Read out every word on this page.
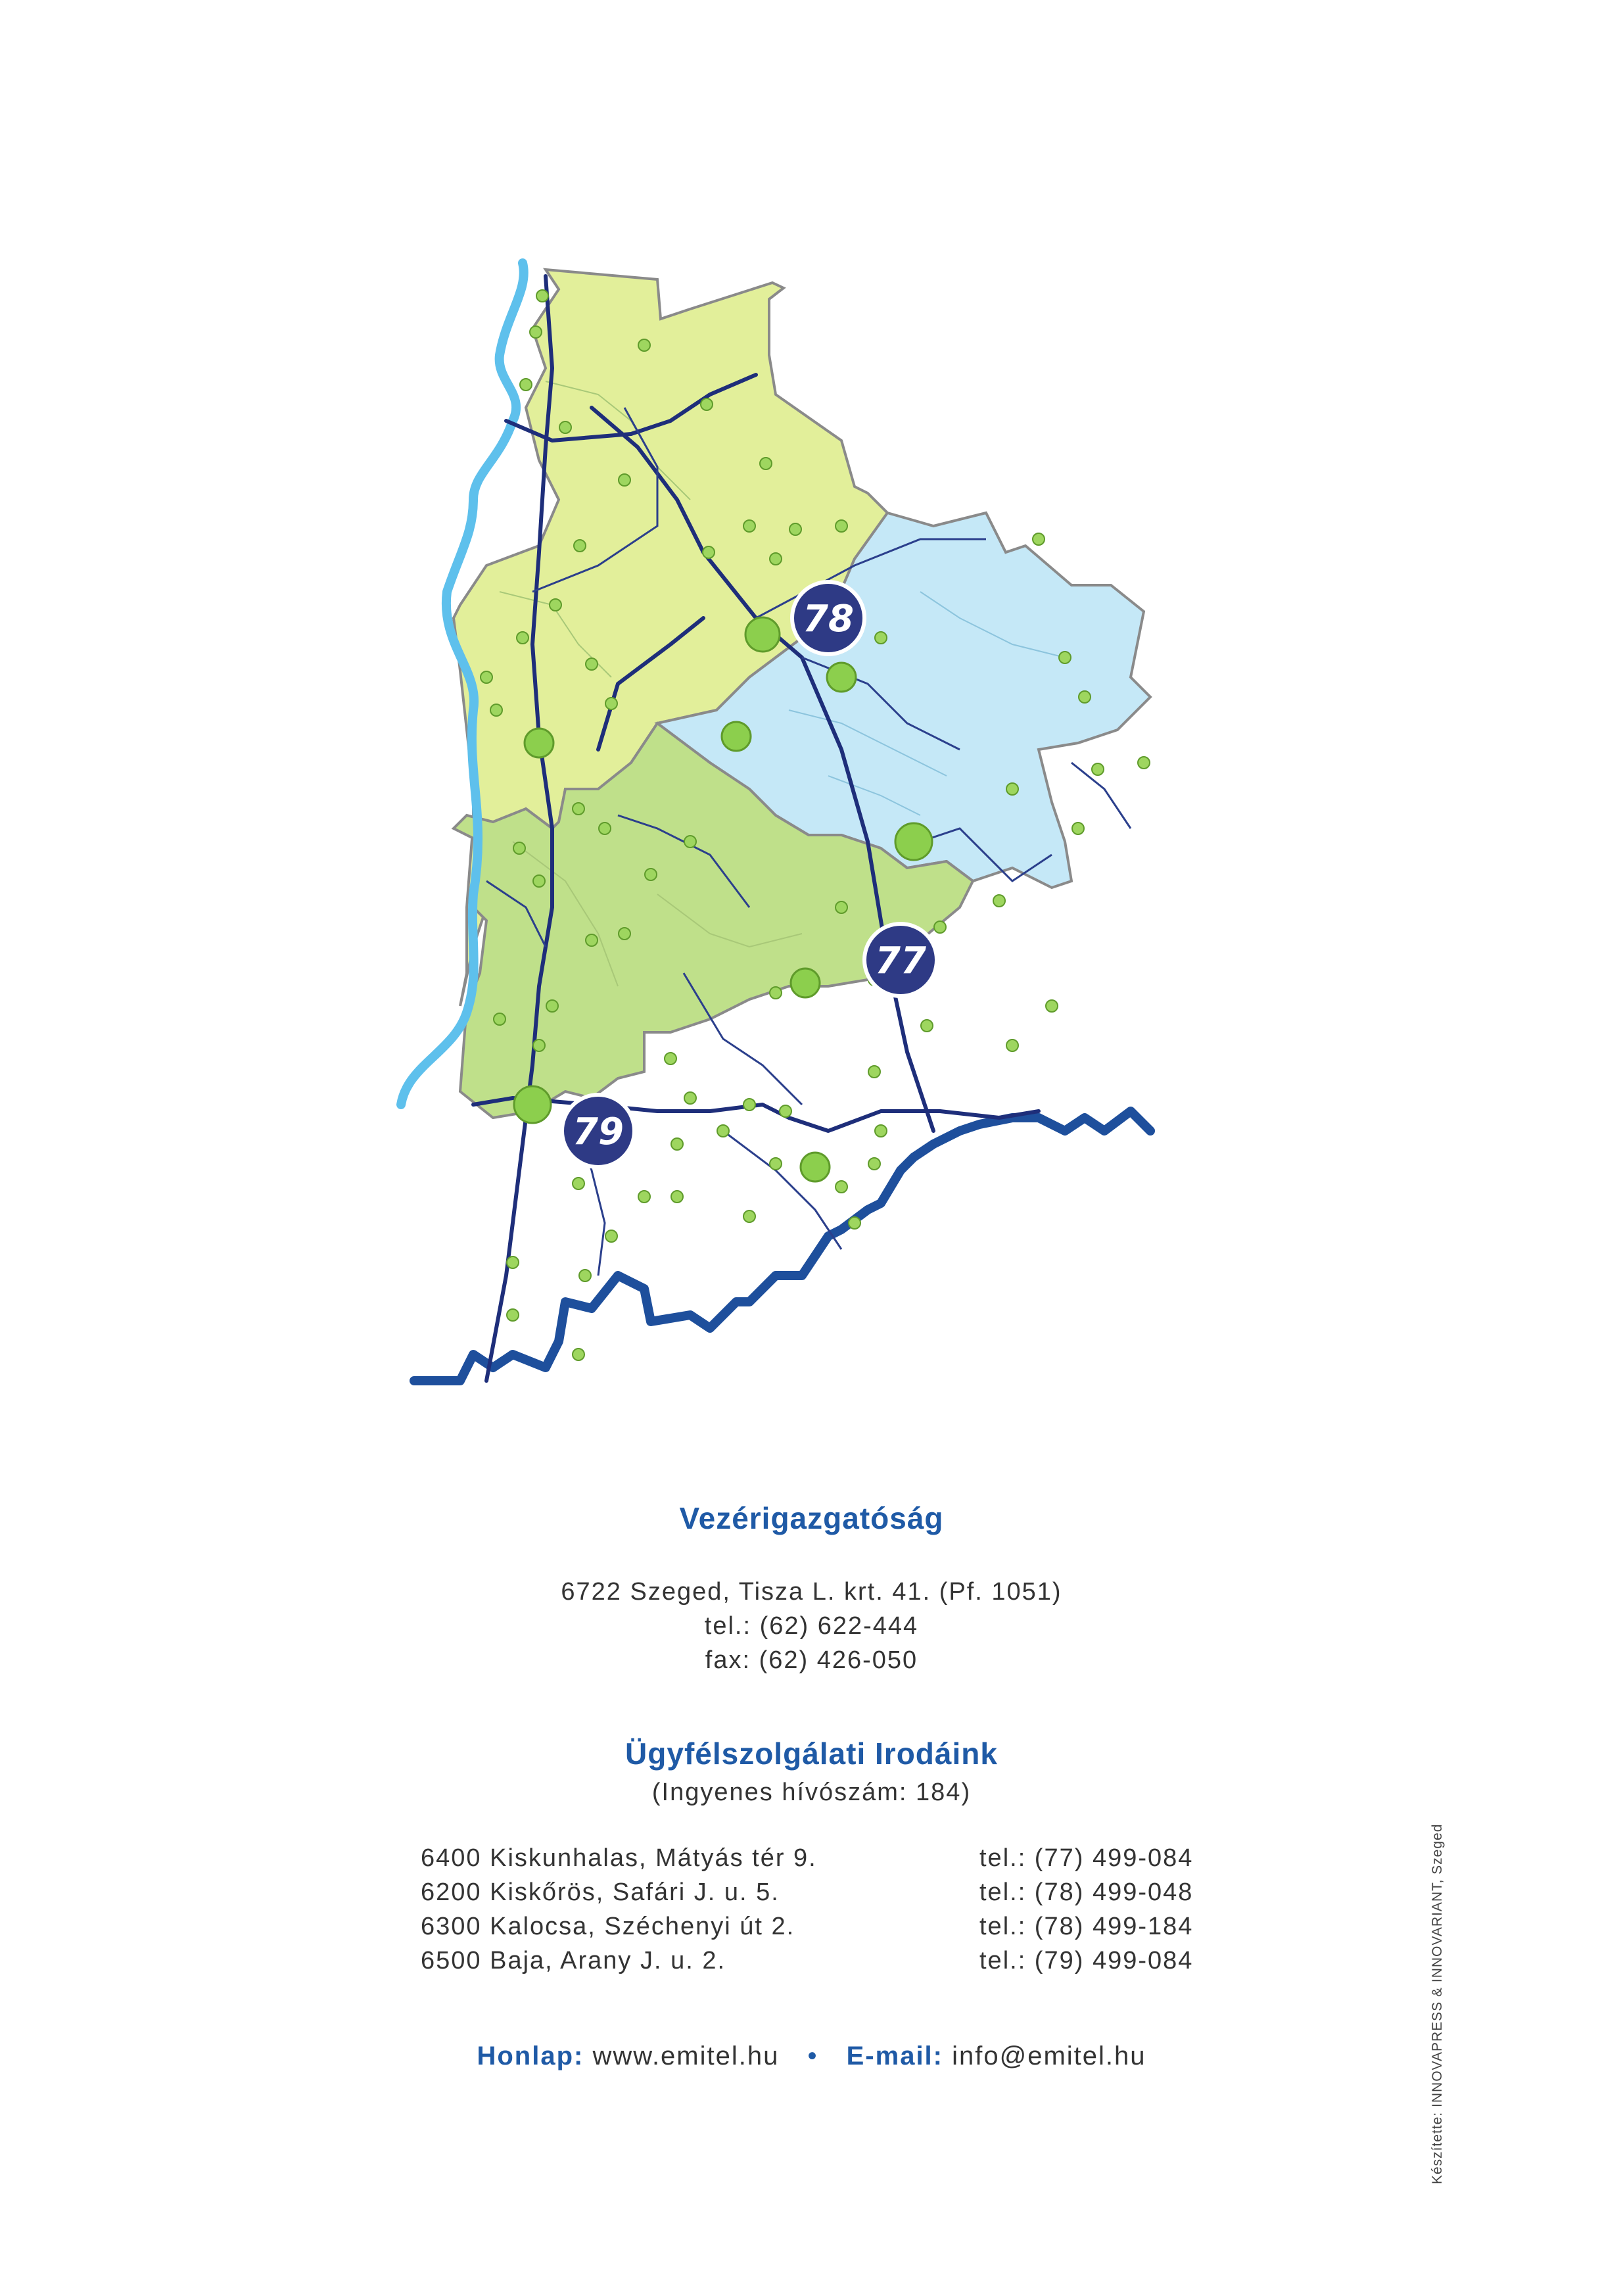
78
77
79
Vezérigazgatóság
6722 Szeged, Tisza L. krt. 41. (Pf. 1051)
tel.: (62) 622-444
fax: (62) 426-050
Ügyfélszolgálati Irodáink
(Ingyenes hívószám: 184)
6400 Kiskunhalas, Mátyás tér 9.	tel.: (77) 499-084
6200 Kiskőrös, Safári J. u. 5.	tel.: (78) 499-048
6300 Kalocsa, Széchenyi út 2.	tel.: (78) 499-184
6500 Baja, Arany J. u. 2.	tel.: (79) 499-084
Honlap: www.emitel.hu • E-mail: info@emitel.hu	Készítette: INNOVAPRESS & INNOVARIANT, Szeged
